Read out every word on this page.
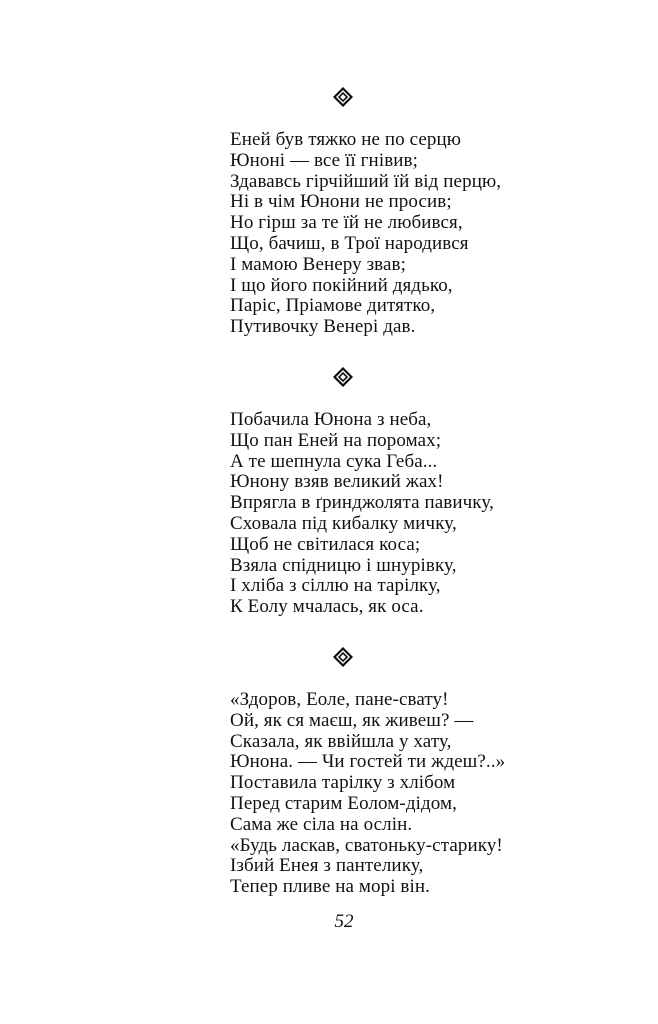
Еней був тяжко не по серцю
Юноні — все її гнівив;
Здававсь гірчійший їй від перцю,
Ні в чім Юнони не просив;
Но гірш за те їй не любився,
Що, бачиш, в Трої народився
І мамою Венеру звав;
І що його покійний дядько,
Паріс, Пріамове дитятко,
Путивочку Венері дав.
Побачила Юнона з неба,
Що пан Еней на поромах;
А те шепнула сука Геба...
Юнону взяв великий жах!
Впрягла в ґринджолята павичку,
Сховала під кибалку мичку,
Щоб не світилася коса;
Взяла спідницю і шнурівку,
І хліба з сіллю на тарілку,
К Еолу мчалась, як оса.
«Здоров, Еоле, пане-свату!
Ой, як ся маєш, як живеш? —
Сказала, як ввійшла у хату,
Юнона. — Чи гостей ти ждеш?..»
Поставила тарілку з хлібом
Перед старим Еолом-дідом,
Сама же сіла на ослін.
«Будь ласкав, сватоньку-старику!
Ізбий Енея з пантелику,
Тепер пливе на морі він.
52
